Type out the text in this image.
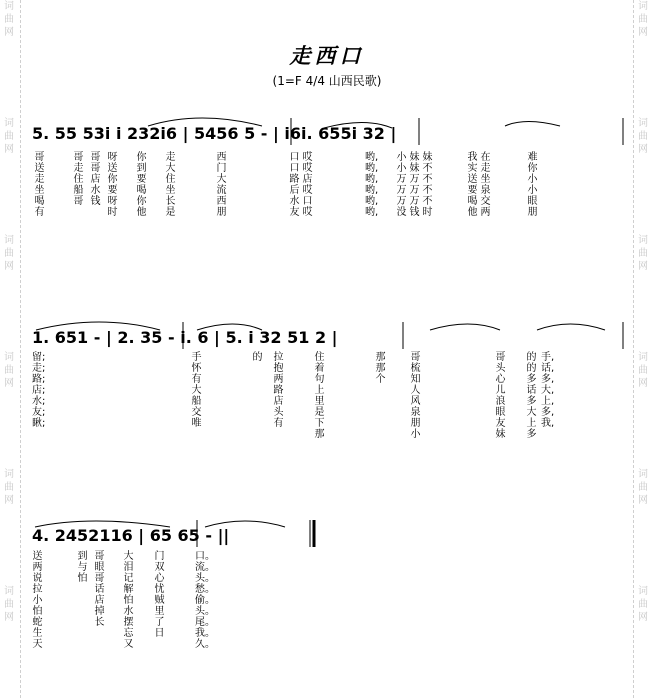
词
曲
网

词
曲
网

词
曲
网

词
曲
网

词
曲
网

词
曲
网
词
曲
网

词
曲
网

词
曲
网

词
曲
网

词
曲
网

词
曲
网
走西口
(1=F 4/4 山西民歌)
5. 55 53i i 232i6 | 5456 5 - | i6i. 655i 32 |
1. 651 - | 2. 35 - i. 6 | 5. i 32 51 2 |
4. 2452116 | 65 65 - ||
哥
送
走
坐
喝
有
哥
走
住
船
哥

哥
哥
店
水
钱
呀
送
你
要
呀
时
你
到
要
喝
你
他
走
大
住
坐
长
是
西
门
大
流
西
朋
口
口
路
后
水
友
哎
哎
店
哎
口
哎
哟,
哟,
哟,
哟,
哟,
哟,
小
小
万
万
万
没
妹
妹
万
万
万
钱
妹
不
不
不
不
时
我
实
送
要
喝
他
在
走
坐
泉
交
两
难
你
小
小
眼
朋
留;
走;
路;
店;
水;
友;
瞅;
手
怀
有
大
船
交
唯
的 拉
抱
两
路
店
头
有
住
着
句
上
里
是
下
那
那
那
个
哥
梳
知
人
风
泉
朋
小
哥
头
心
儿
浪
眼
友
妹
的
的
多
话
多
大
上
多
手,
话,
多,
大,
上,
多,
我,
送
两
说
拉
小
怕
蛇
生
天
到
与
怕
哥
眼
哥
话
店
掉
长
大
泪
记
解
怕
水
摆
忘
又
门
双
心
忧
贼
里
了
日
口。
流。
头。
愁。
偷。
头。
尾。
我。
久。
